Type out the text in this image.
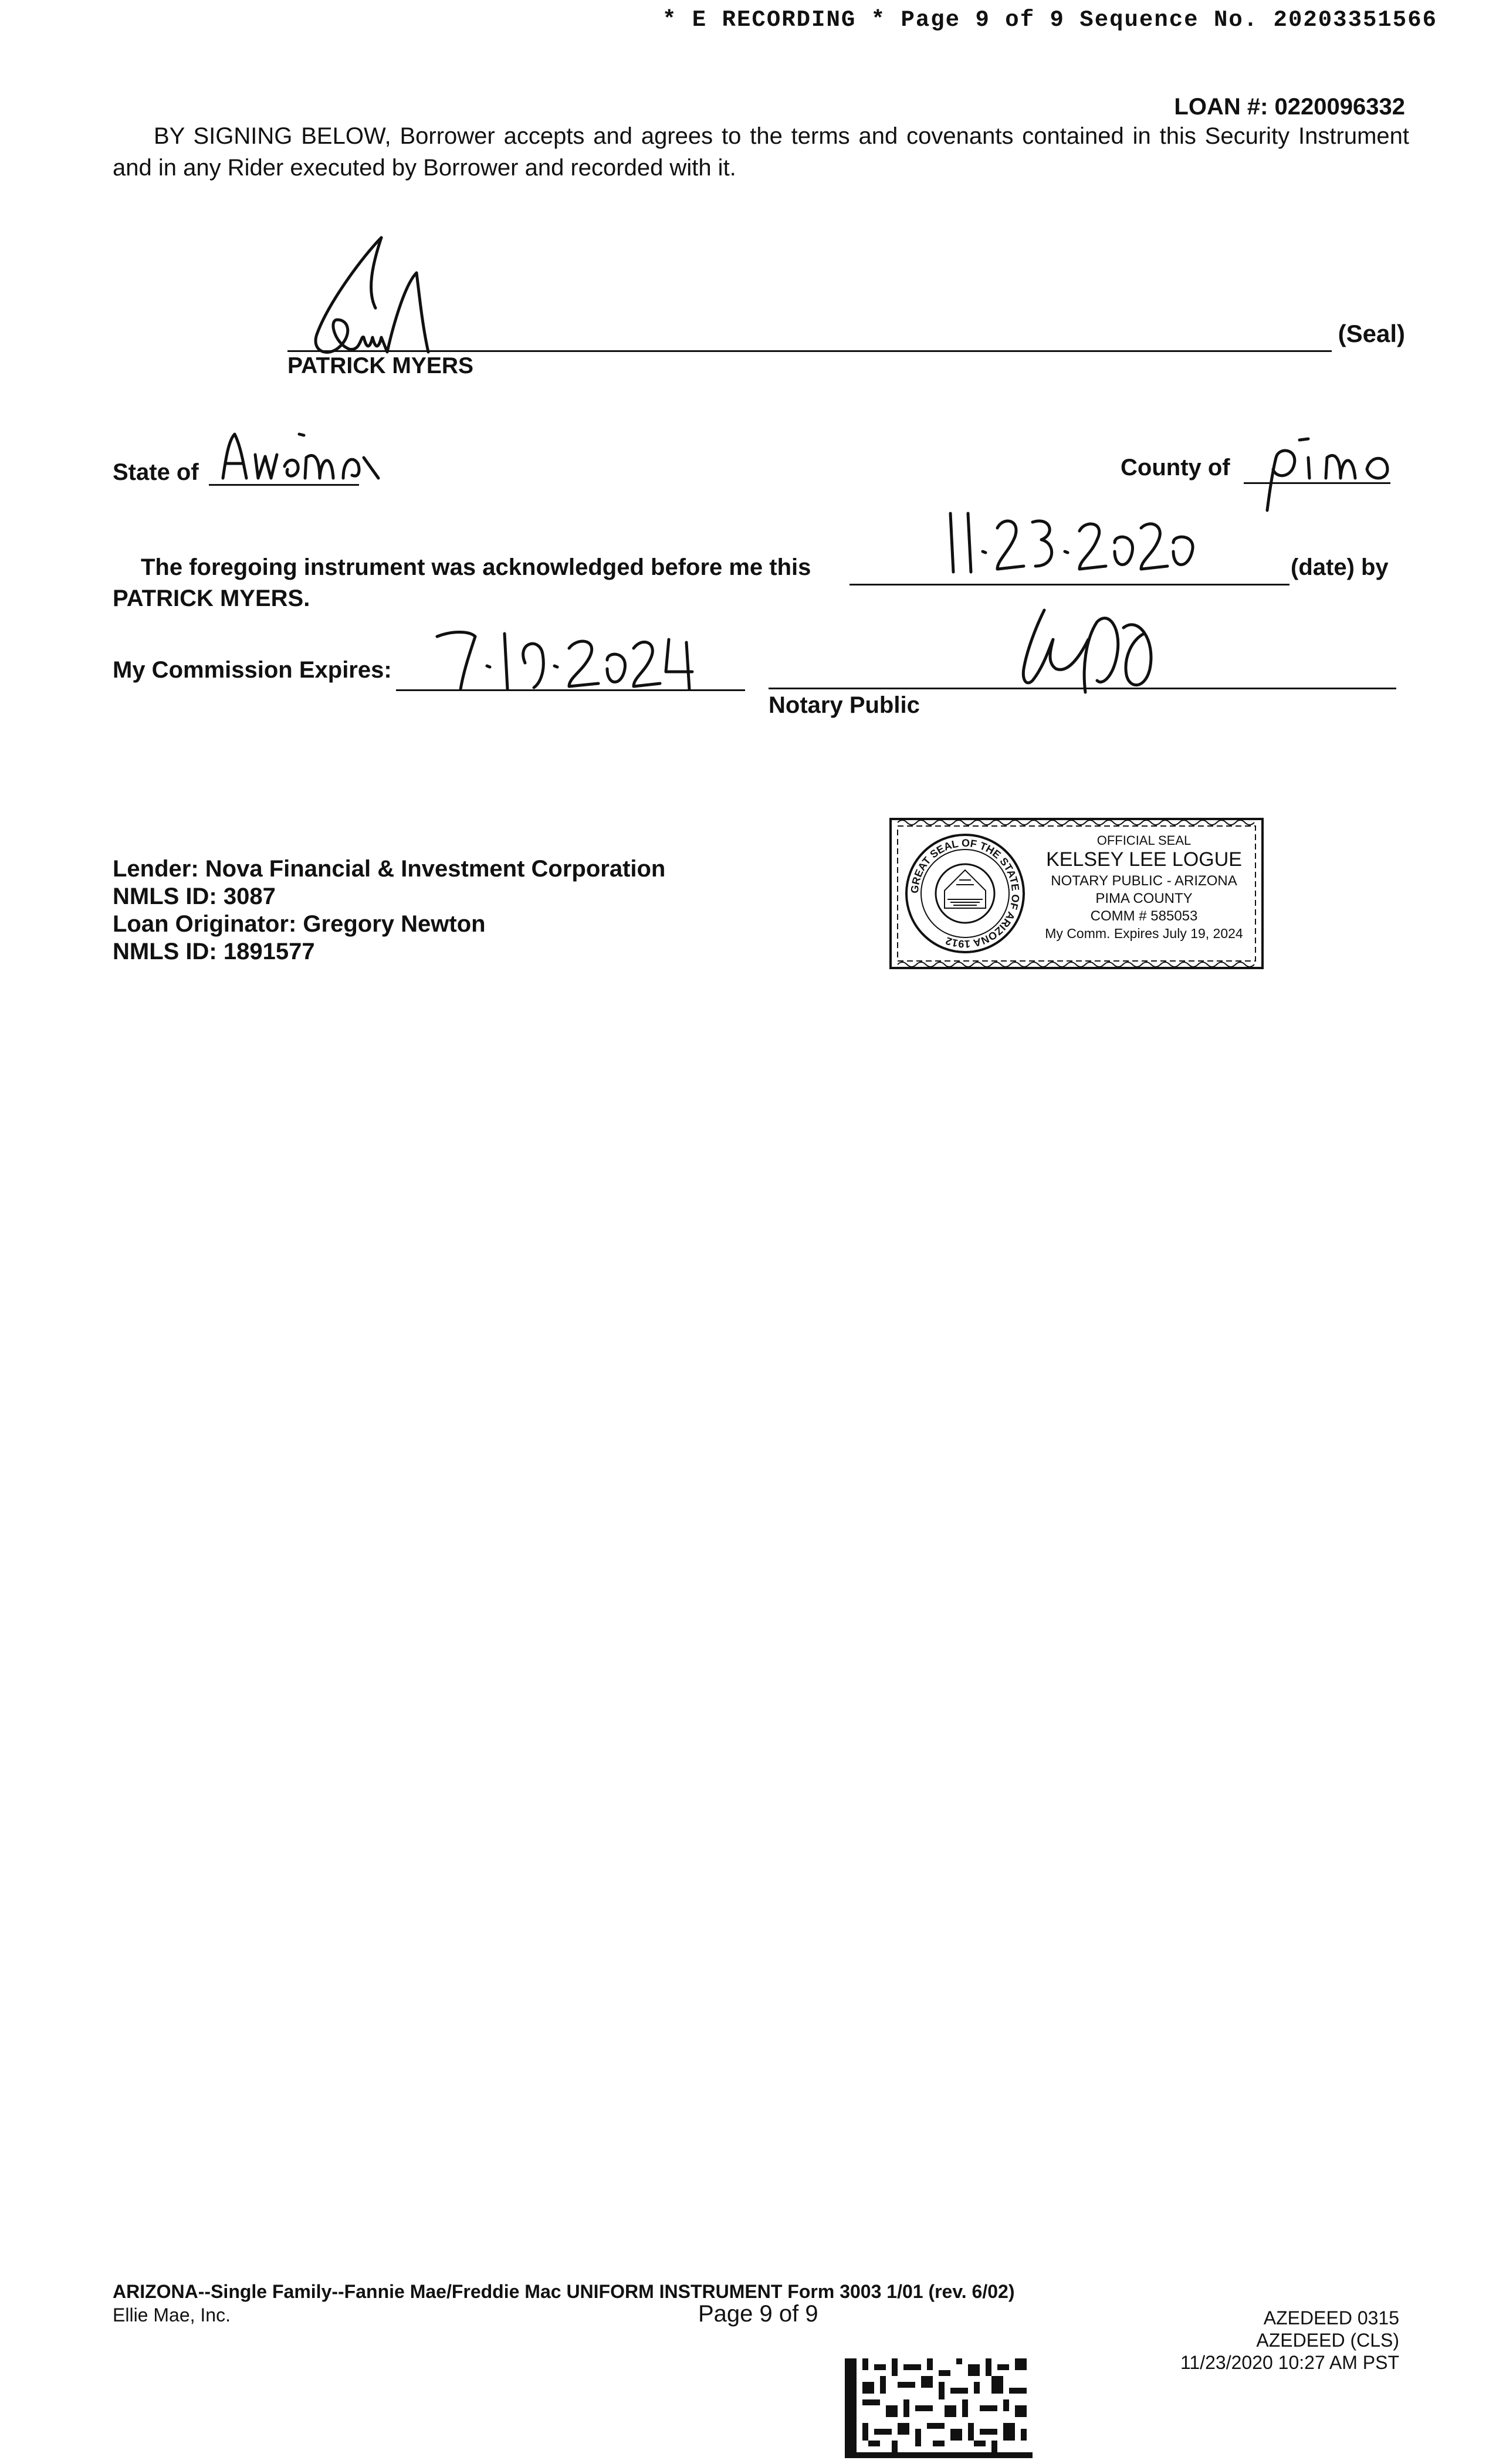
* E RECORDING * Page 9 of 9 Sequence No. 20203351566
LOAN #: 0220096332
BY SIGNING BELOW, Borrower accepts and agrees to the terms and covenants contained in this Security Instrument and in any Rider executed by Borrower and recorded with it.
(Seal)
PATRICK MYERS
State of	County of
The foregoing instrument was acknowledged before me this	(date) by
PATRICK MYERS.
My Commission Expires:
Notary Public
GREAT SEAL OF THE STATE OF ARIZONA 1912
OFFICIAL SEAL
KELSEY LEE LOGUE
NOTARY PUBLIC - ARIZONA
PIMA COUNTY
COMM # 585053
My Comm. Expires July 19, 2024
Lender: Nova Financial & Investment Corporation
NMLS ID: 3087
Loan Originator: Gregory Newton
NMLS ID: 1891577
ARIZONA--Single Family--Fannie Mae/Freddie Mac UNIFORM INSTRUMENT Form 3003 1/01 (rev. 6/02)
Ellie Mae, Inc.	Page 9 of 9	AZEDEED 0315
AZEDEED (CLS)
11/23/2020 10:27 AM PST
